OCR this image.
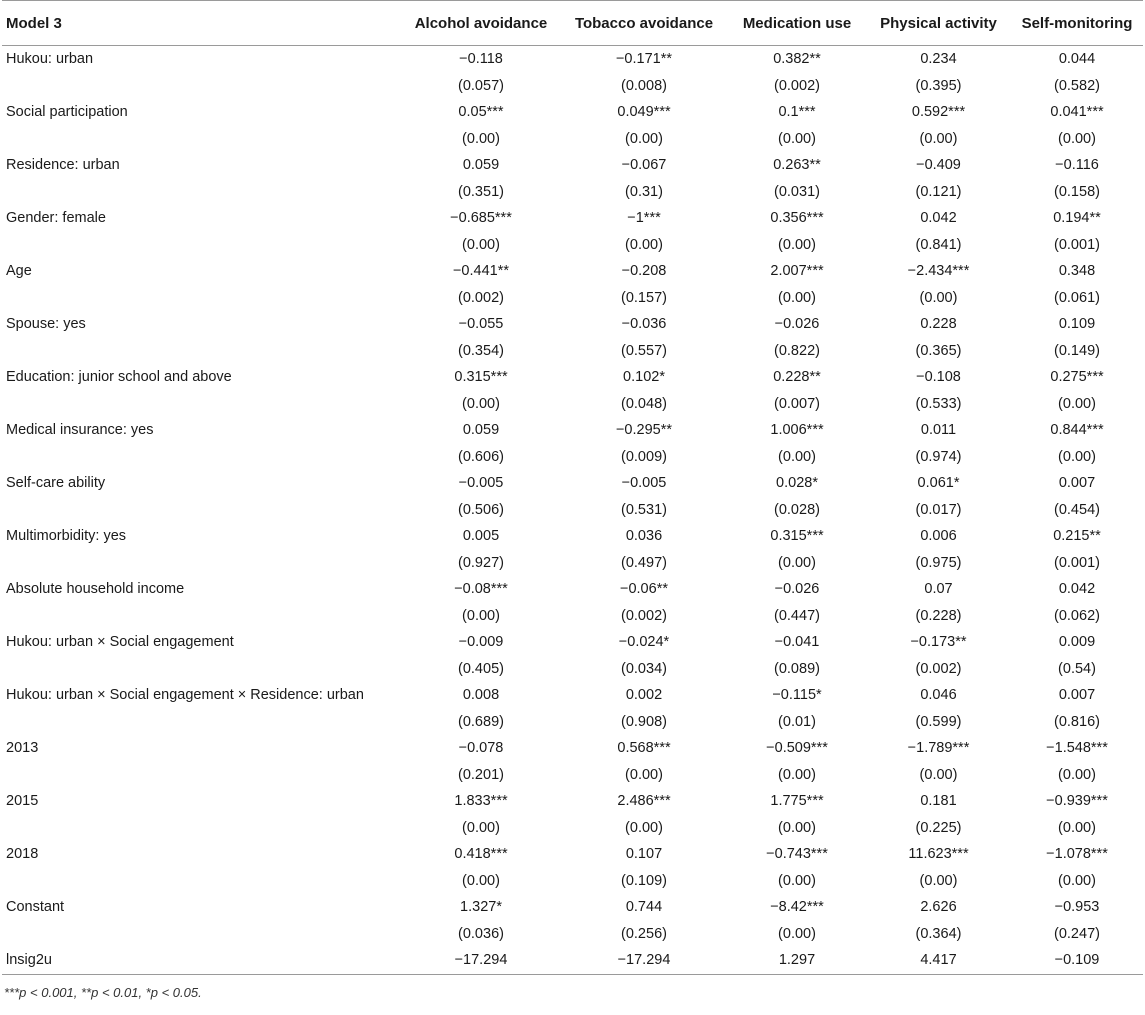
Model 3	Alcohol avoidance	Tobacco avoidance	Medication use	Physical activity	Self-monitoring
Hukou: urban	−0.118	−0.171**	0.382**	0.234	0.044
	(0.057)	(0.008)	(0.002)	(0.395)	(0.582)
Social participation	0.05***	0.049***	0.1***	0.592***	0.041***
	(0.00)	(0.00)	(0.00)	(0.00)	(0.00)
Residence: urban	0.059	−0.067	0.263**	−0.409	−0.116
	(0.351)	(0.31)	(0.031)	(0.121)	(0.158)
Gender: female	−0.685***	−1***	0.356***	0.042	0.194**
	(0.00)	(0.00)	(0.00)	(0.841)	(0.001)
Age	−0.441**	−0.208	2.007***	−2.434***	0.348
	(0.002)	(0.157)	(0.00)	(0.00)	(0.061)
Spouse: yes	−0.055	−0.036	−0.026	0.228	0.109
	(0.354)	(0.557)	(0.822)	(0.365)	(0.149)
Education: junior school and above	0.315***	0.102*	0.228**	−0.108	0.275***
	(0.00)	(0.048)	(0.007)	(0.533)	(0.00)
Medical insurance: yes	0.059	−0.295**	1.006***	0.011	0.844***
	(0.606)	(0.009)	(0.00)	(0.974)	(0.00)
Self-care ability	−0.005	−0.005	0.028*	0.061*	0.007
	(0.506)	(0.531)	(0.028)	(0.017)	(0.454)
Multimorbidity: yes	0.005	0.036	0.315***	0.006	0.215**
	(0.927)	(0.497)	(0.00)	(0.975)	(0.001)
Absolute household income	−0.08***	−0.06**	−0.026	0.07	0.042
	(0.00)	(0.002)	(0.447)	(0.228)	(0.062)
Hukou: urban × Social engagement	−0.009	−0.024*	−0.041	−0.173**	0.009
	(0.405)	(0.034)	(0.089)	(0.002)	(0.54)
Hukou: urban × Social engagement × Residence: urban	0.008	0.002	−0.115*	0.046	0.007
	(0.689)	(0.908)	(0.01)	(0.599)	(0.816)
2013	−0.078	0.568***	−0.509***	−1.789***	−1.548***
	(0.201)	(0.00)	(0.00)	(0.00)	(0.00)
2015	1.833***	2.486***	1.775***	0.181	−0.939***
	(0.00)	(0.00)	(0.00)	(0.225)	(0.00)
2018	0.418***	0.107	−0.743***	11.623***	−1.078***
	(0.00)	(0.109)	(0.00)	(0.00)	(0.00)
Constant	1.327*	0.744	−8.42***	2.626	−0.953
	(0.036)	(0.256)	(0.00)	(0.364)	(0.247)
lnsig2u	−17.294	−17.294	1.297	4.417	−0.109
***p < 0.001, **p < 0.01, *p < 0.05.
